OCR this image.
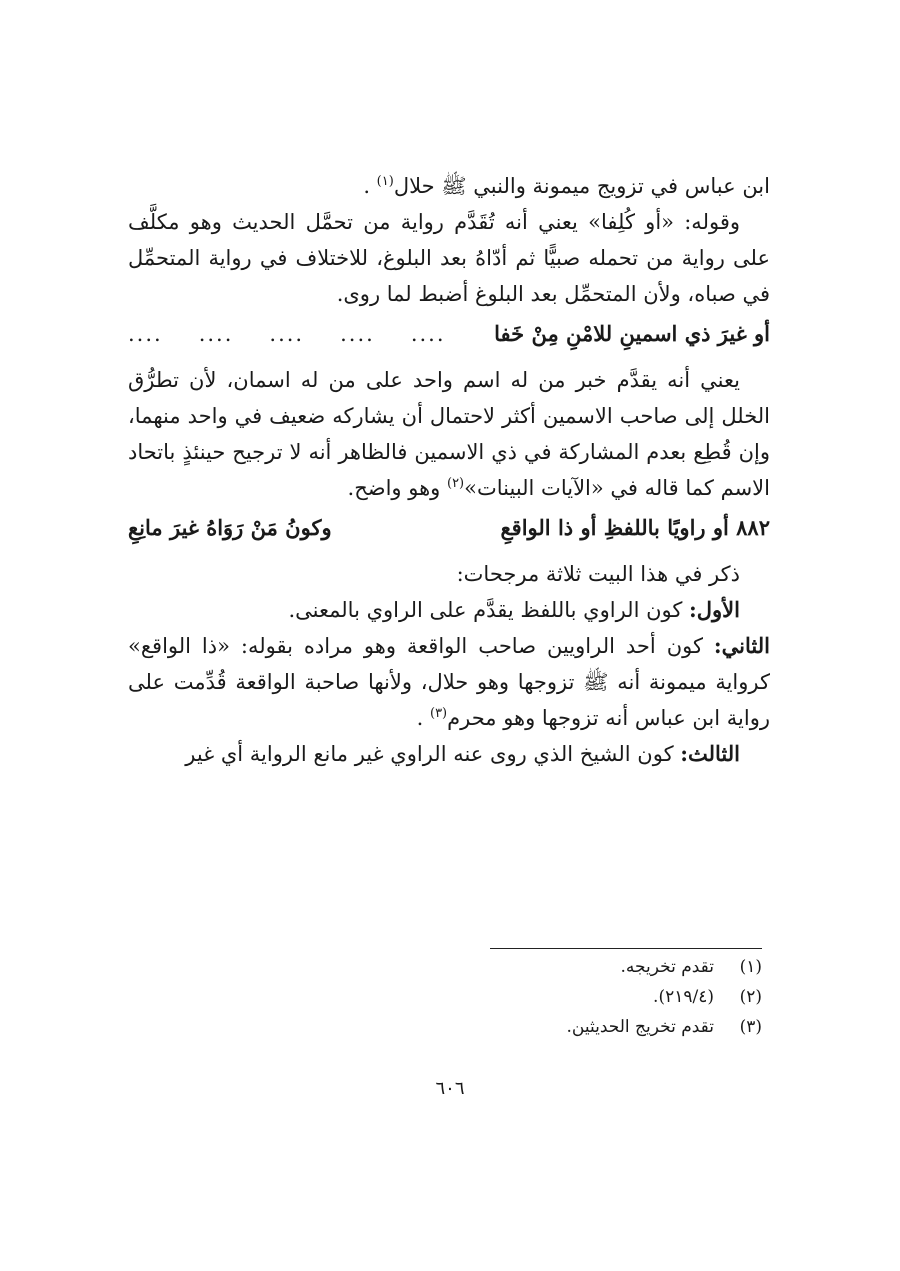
ابن عباس في تزويج ميمونة والنبي ﷺ حلال$^{(١)}$ .

وقوله: «أو كُلِفا» يعني أنه تُقَدَّم رواية من تحمَّل الحديث وهو مكلَّف على رواية من تحمله صبيًّا ثم أدّاهُ بعد البلوغ، للاختلاف في رواية المتحمِّل في صباه، ولأن المتحمِّل بعد البلوغ أضبط لما روى.

أو غيرَ ذي اسمينِ للامْنِ مِنْ خَفا
....
....
....
....
....

يعني أنه يقدَّم خبر من له اسم واحد على من له اسمان، لأن تطرُّق الخلل إلى صاحب الاسمين أكثر لاحتمال أن يشاركه ضعيف في واحد منهما، وإن قُطِع بعدم المشاركة في ذي الاسمين فالظاهر أنه لا ترجيح حينئذٍ باتحاد الاسم كما قاله في «الآيات البينات»$^{(٢)}$ وهو واضح.

٨٨٢ أو راويًا باللفظِ أو ذا الواقعِ
وكونُ مَنْ رَوَاهُ غيرَ مانِعِ

ذكر في هذا البيت ثلاثة مرجحات:

الأول: كون الراوي باللفظ يقدَّم على الراوي بالمعنى.

الثاني: كون أحد الراويين صاحب الواقعة وهو مراده بقوله: «ذا الواقع» كرواية ميمونة أنه ﷺ تزوجها وهو حلال، ولأنها صاحبة الواقعة قُدِّمت على رواية ابن عباس أنه تزوجها وهو محرم$^{(٣)}$ .

الثالث: كون الشيخ الذي روى عنه الراوي غير مانع الرواية أي غير

(١)
تقدم تخريجه.
(٢)
(٢١٩/٤).
(٣)
تقدم تخريج الحديثين.
٦٠٦
